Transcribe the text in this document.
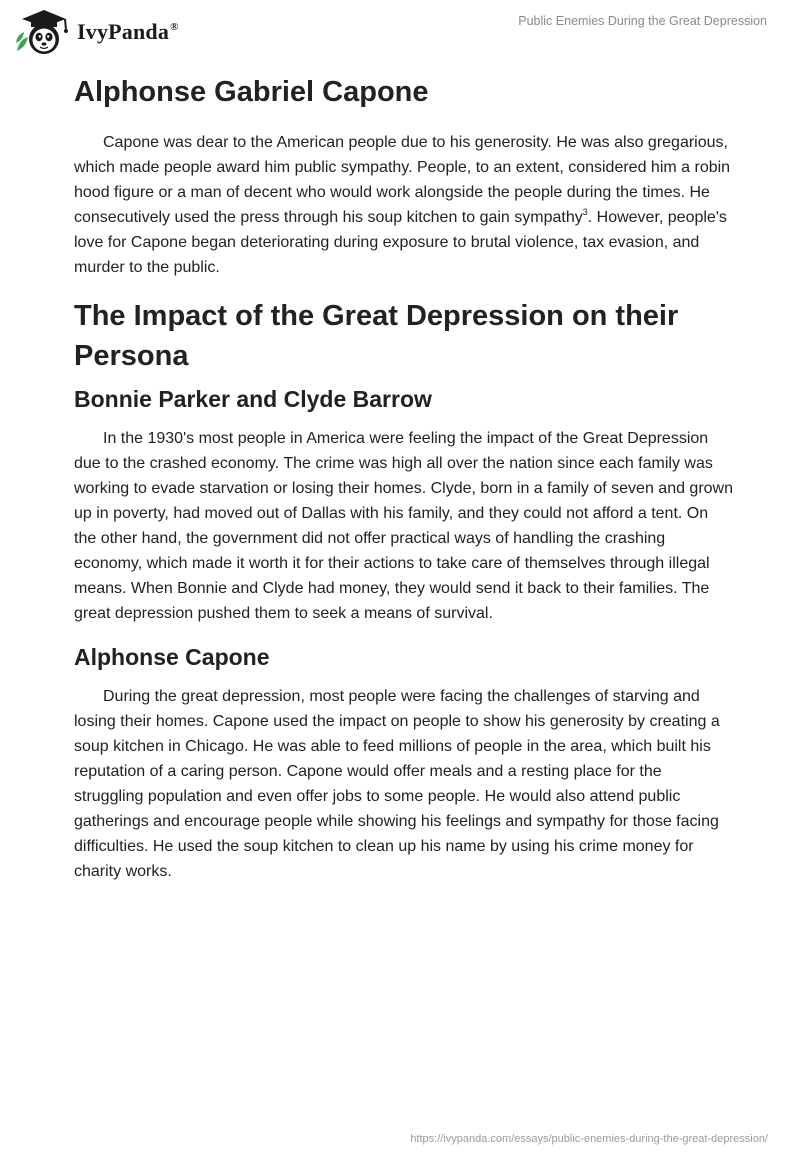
IvyPanda®	Public Enemies During the Great Depression
Alphonse Gabriel Capone

Capone was dear to the American people due to his generosity. He was also gregarious, which made people award him public sympathy. People, to an extent, considered him a robin hood figure or a man of decent who would work alongside the people during the times. He consecutively used the press through his soup kitchen to gain sympathy$^3$. However, people's love for Capone began deteriorating during exposure to brutal violence, tax evasion, and murder to the public.

The Impact of the Great Depression on their Persona
Bonnie Parker and Clyde Barrow

In the 1930's most people in America were feeling the impact of the Great Depression due to the crashed economy. The crime was high all over the nation since each family was working to evade starvation or losing their homes. Clyde, born in a family of seven and grown up in poverty, had moved out of Dallas with his family, and they could not afford a tent. On the other hand, the government did not offer practical ways of handling the crashing economy, which made it worth it for their actions to take care of themselves through illegal means. When Bonnie and Clyde had money, they would send it back to their families. The great depression pushed them to seek a means of survival.

Alphonse Capone

During the great depression, most people were facing the challenges of starving and losing their homes. Capone used the impact on people to show his generosity by creating a soup kitchen in Chicago. He was able to feed millions of people in the area, which built his reputation of a caring person. Capone would offer meals and a resting place for the struggling population and even offer jobs to some people. He would also attend public gatherings and encourage people while showing his feelings and sympathy for those facing difficulties. He used the soup kitchen to clean up his name by using his crime money for charity works.

https://ivypanda.com/essays/public-enemies-during-the-great-depression/
